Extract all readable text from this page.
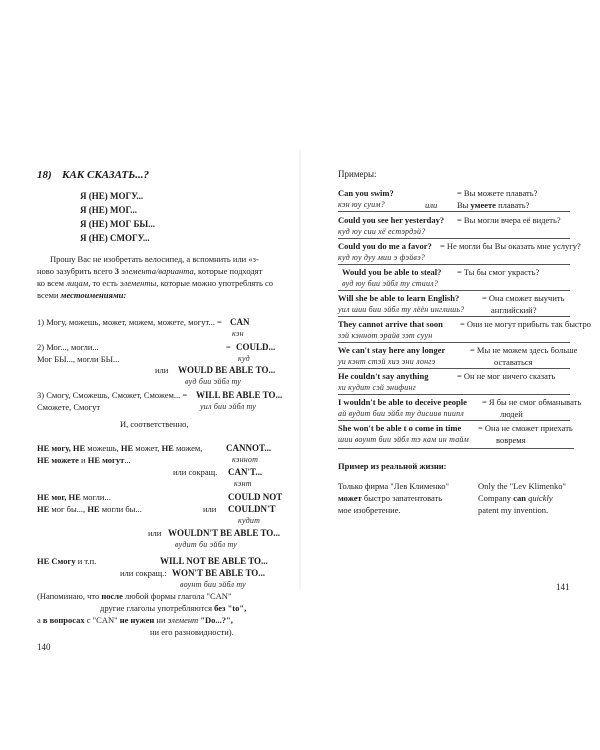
18) КАК СКАЗАТЬ...?
Я (НЕ) МОГУ...
Я (НЕ) МОГ...
Я (НЕ) МОГ БЫ...
Я (НЕ) СМОГУ...
Прошу Вас не изобретать велосипед, а вспомнить или «з-
новo зазубрить всего 3 элемента/варианта, которые подходят
ко всем лицам, то есть элементы, которые можно употреблять со
всеми местоимениями:
1) Могу, можешь, может, можем, можете, могут... = CAN
кэн
2) Мог..., могли...	= COULD...
Мог БЫ..., могли БЫ...	куд
или WOULD BE ABLE TO...
вуд бии эйбл ту
3) Смогу, Сможешь, Сможет, Сможем... = WILL BE ABLE TO...
Сможете, Смогут	уил бии эйбл ту
И, соответственно,
НЕ могу, НЕ можешь, НЕ может, НЕ можем,	CANNOT...
НЕ можете и НЕ могут...	кэннот
или сокращ. CAN'T...
кэнт
НЕ мог, НЕ могли...	COULD NOT
НЕ мог бы..., НЕ могли бы...	или COULDN'T
кудит
или WOULDN'T BE ABLE TO...
вудит би эйбл ту
НЕ Смогу и т.п.	WILL NOT BE ABLE TO...
или сокращ.: WON'T BE ABLE TO...
воунт бии эйбл ту
(Напоминаю, что после любой формы глагола "CAN"
другие глаголы употребляются без "to",
а в вопросах с "CAN" не нужен ни элемент "Do...?",
ни его разновидности).
140
Примеры:
Can you swim?	= Вы можете плавать?
кэн юу суим?	или Вы умеете плавать?
Could you see her yesterday? = Вы могли вчера её видеть?
куд юу сии хё естэрдэй?
Could you do me a favor? = Не могли бы Вы оказать мне услугу?
куд юу дуу мии э фэйвэ?
Would you be able to steal? = Ты бы смог украсть?
вуд юу бии эйбл ту стиил?
Will she be able to learn English?	= Она сможет выучить
уил шии бии эйбл ту лёён инглишь?	английский?
They cannot arrive that soon = Они не могут прибыть так быстро
зэй кэннот эрайв зэт суун
We can't stay here any longer	= Мы не можем здесь больше
уи кэнт стэй хиэ эни лонгэ	оставаться
He couldn't say anything	= Он не мог ничего сказать
хи кудит сэй энифинг
I wouldn't be able to deceive people = Я бы не смог обманывать
ай вудит бии эйбл ту дисиив пиипл	людей
She won't be able t o come in time = Она не сможет приехать
шии воунт бии эйбл тэ кам ин тайм	вовремя
Пример из реальной жизни:
Только фирма "Лев Клименко"
может быстро запатентовать
мое изобретение.
Only the "Lev Klimenko"
Company can quickly
patent my invention.
141
